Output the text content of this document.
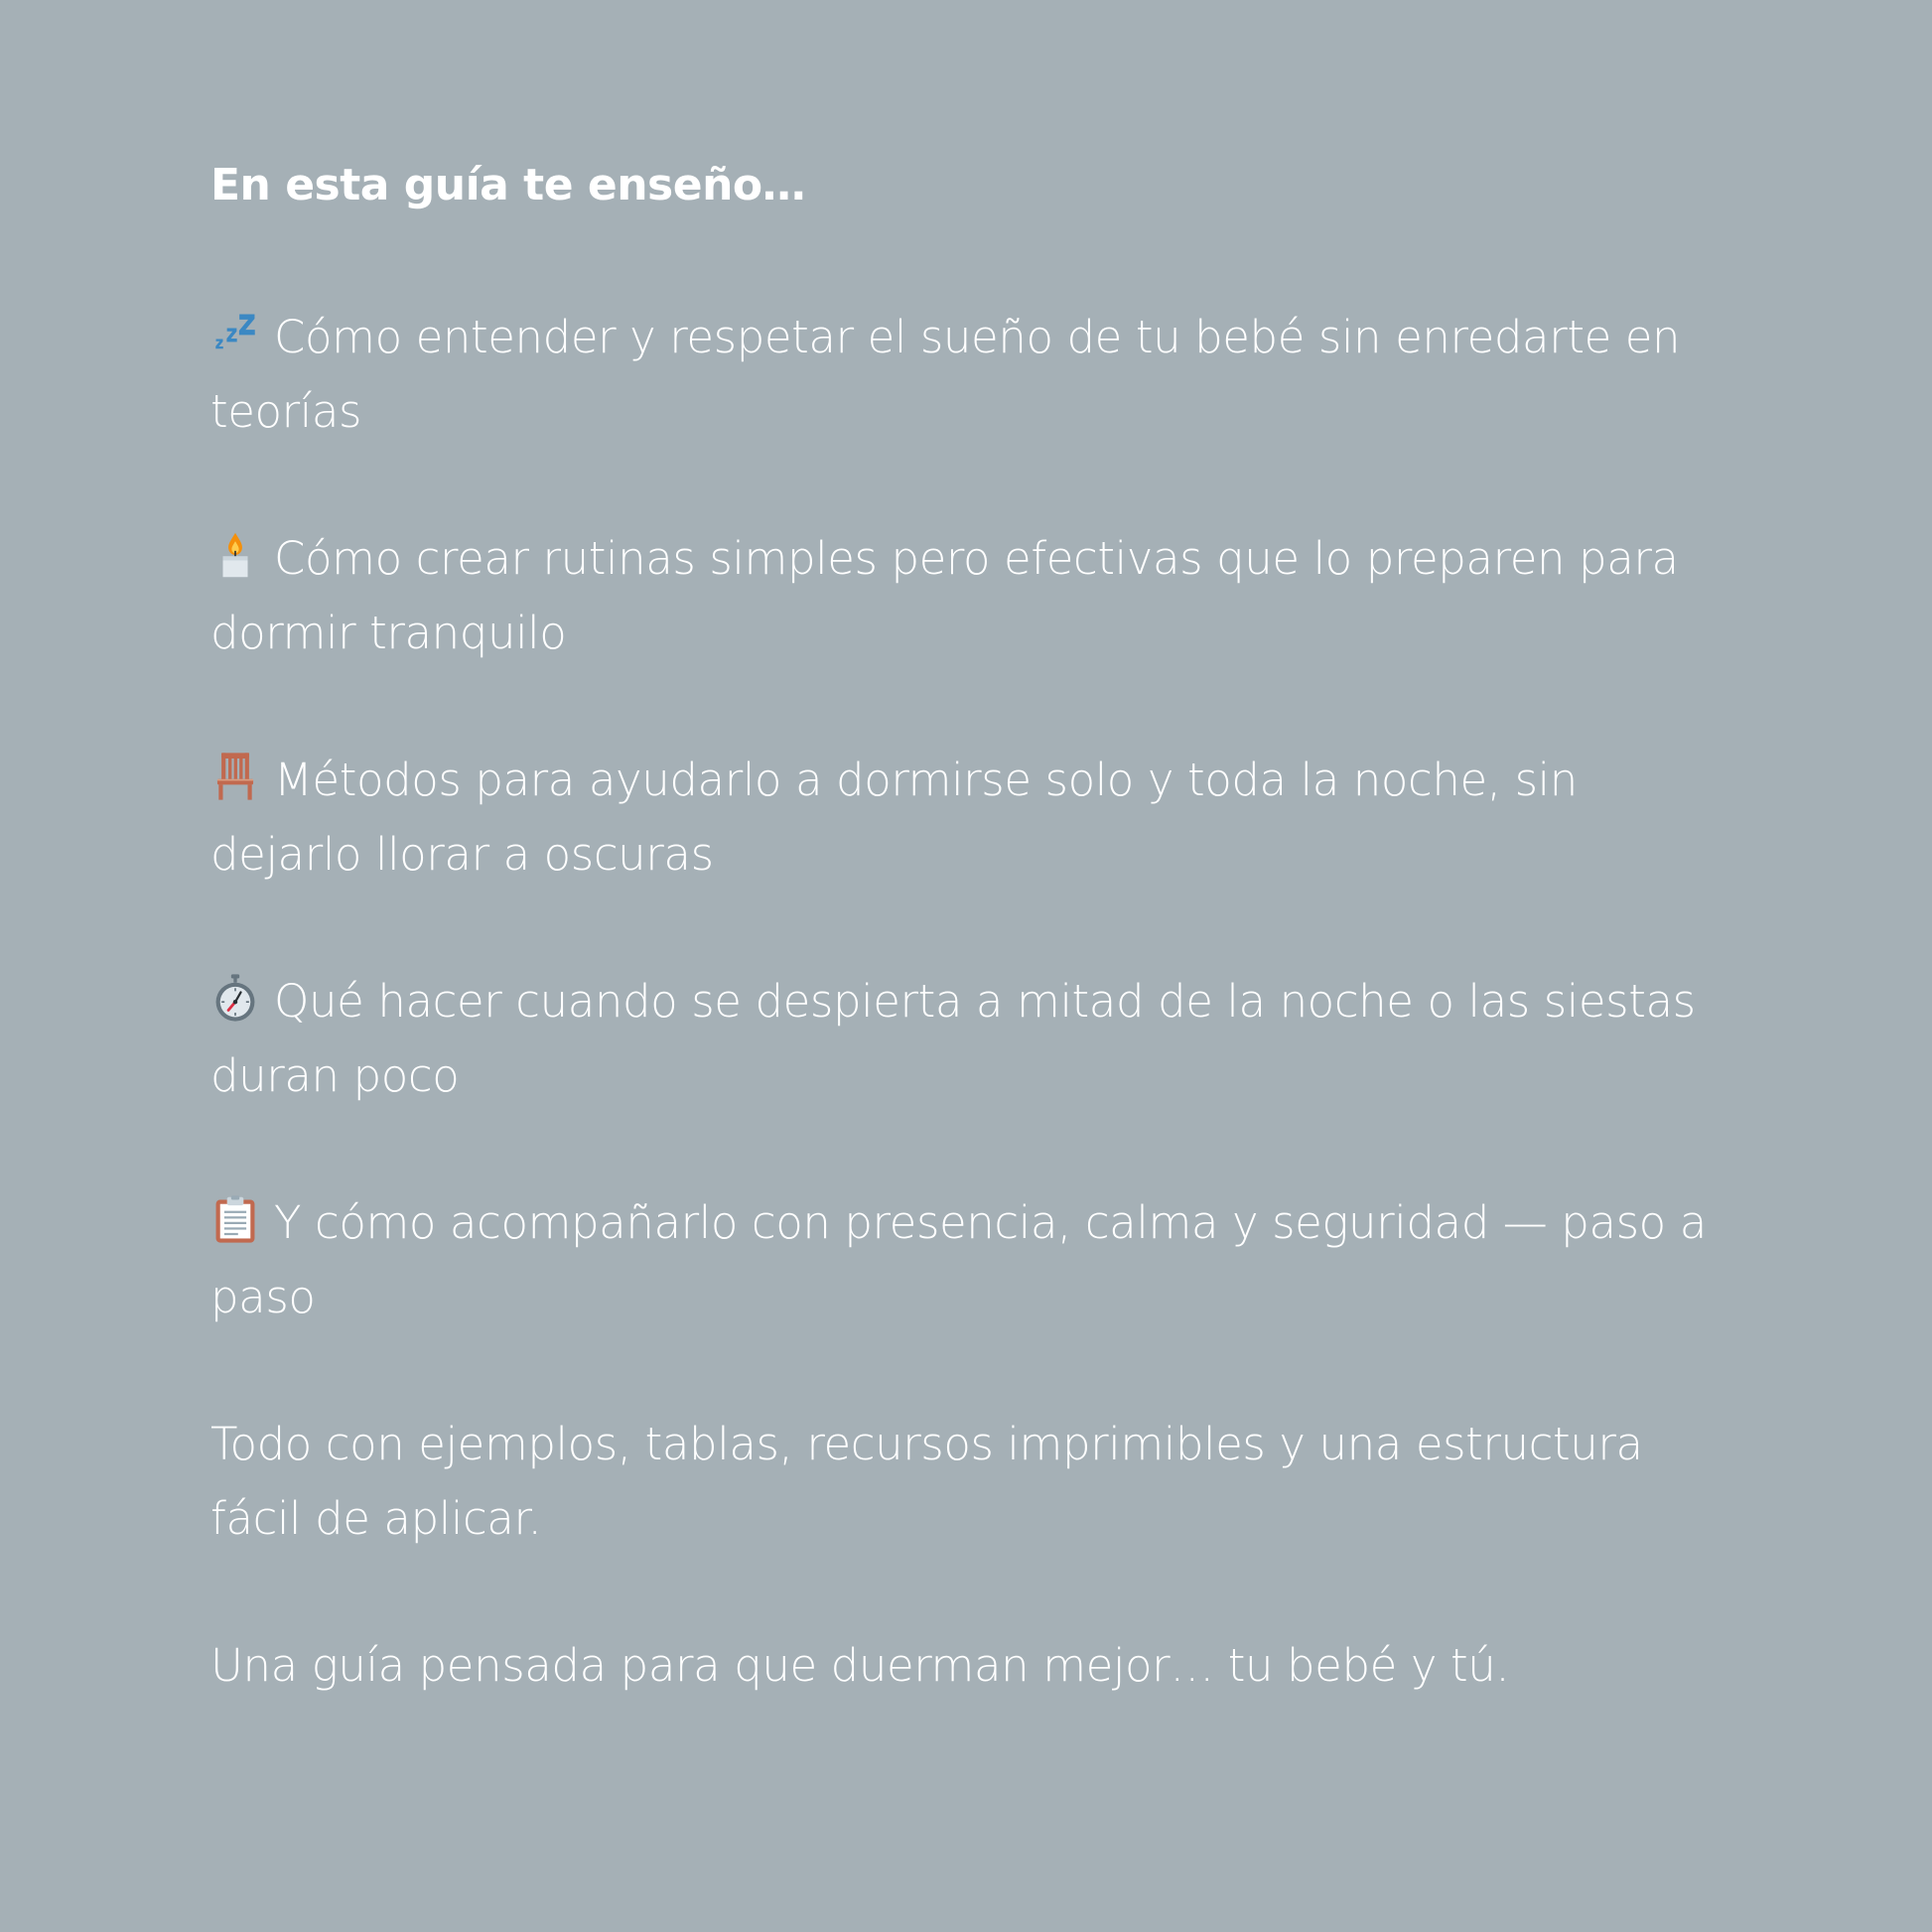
En esta guía te enseño…

Cómo entender y respetar el sueño de tu bebé sin enredarte en teorías

Cómo crear rutinas simples pero efectivas que lo preparen para dormir tranquilo

Métodos para ayudarlo a dormirse solo y toda la noche, sin dejarlo llorar a oscuras

Qué hacer cuando se despierta a mitad de la noche o las siestas duran poco

Y cómo acompañarlo con presencia, calma y seguridad — paso a paso

Todo con ejemplos, tablas, recursos imprimibles y una estructura fácil de aplicar.

Una guía pensada para que duerman mejor… tu bebé y tú.
